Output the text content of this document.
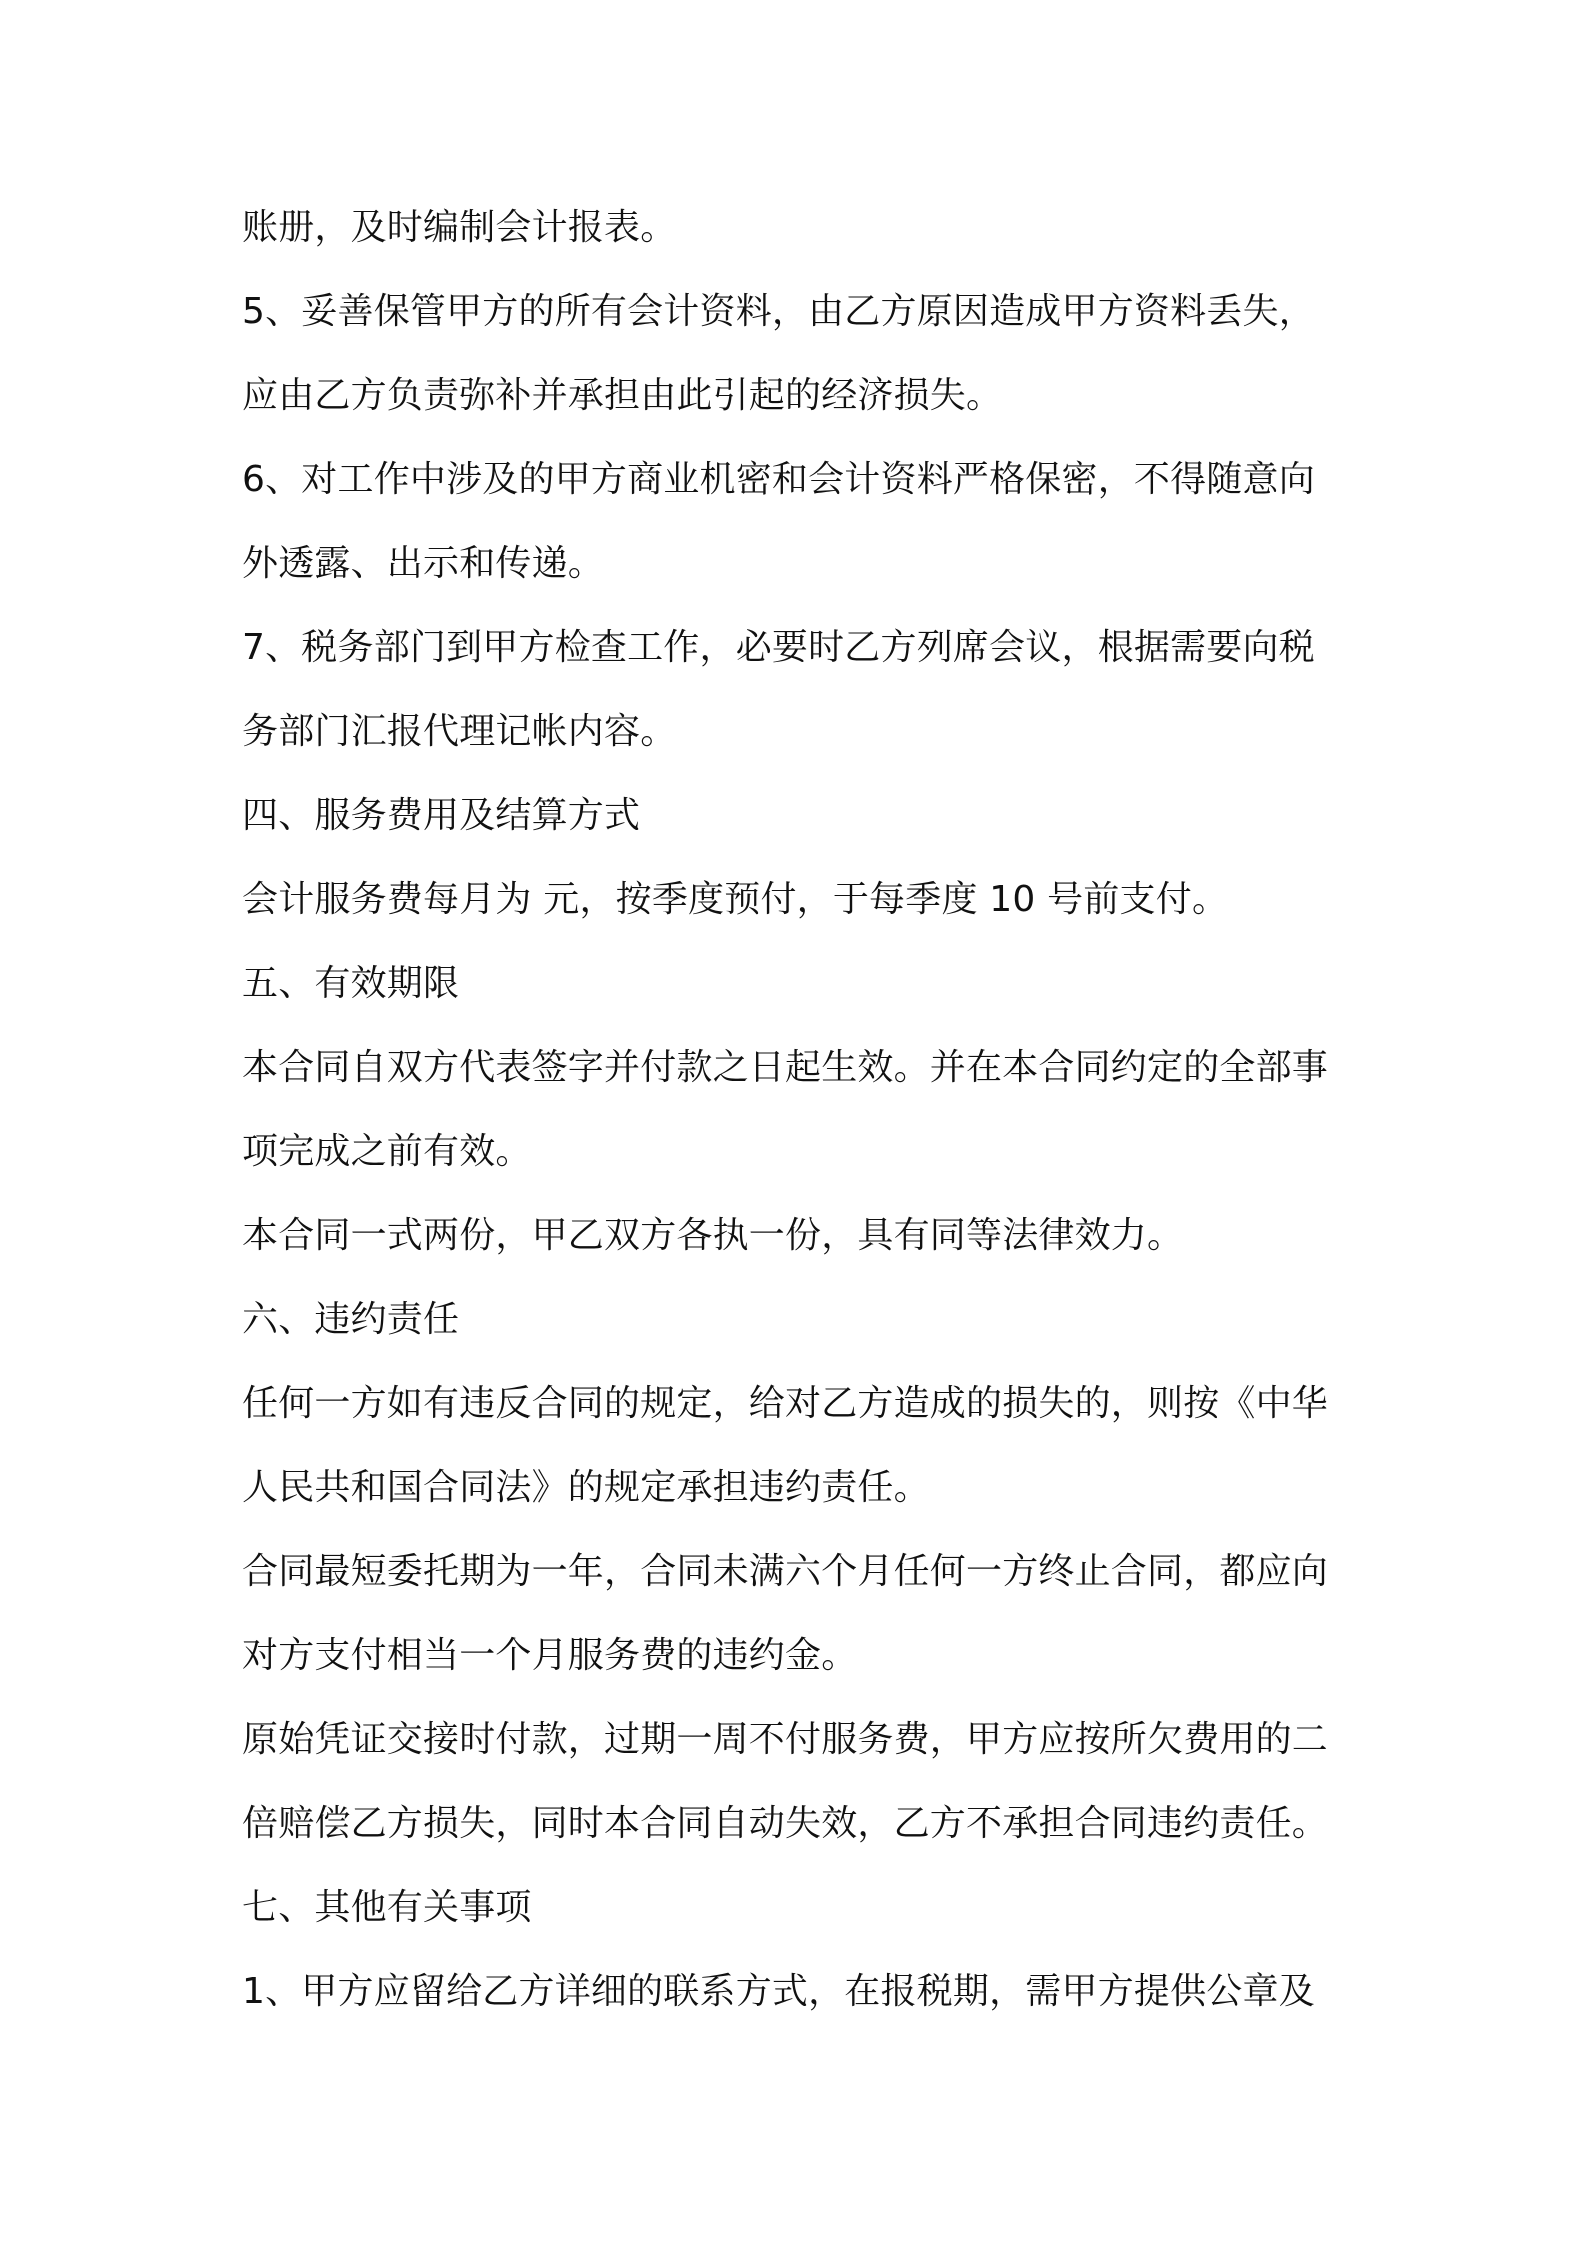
账册，及时编制会计报表。
5、妥善保管甲方的所有会计资料，由乙方原因造成甲方资料丢失，
应由乙方负责弥补并承担由此引起的经济损失。
6、对工作中涉及的甲方商业机密和会计资料严格保密，不得随意向
外透露、出示和传递。
7、税务部门到甲方检查工作，必要时乙方列席会议，根据需要向税
务部门汇报代理记帐内容。
四、服务费用及结算方式
会计服务费每月为 元，按季度预付，于每季度 10 号前支付。
五、有效期限
本合同自双方代表签字并付款之日起生效。并在本合同约定的全部事
项完成之前有效。
本合同一式两份，甲乙双方各执一份，具有同等法律效力。
六、违约责任
任何一方如有违反合同的规定，给对乙方造成的损失的，则按《中华
人民共和国合同法》的规定承担违约责任。
合同最短委托期为一年，合同未满六个月任何一方终止合同，都应向
对方支付相当一个月服务费的违约金。
原始凭证交接时付款，过期一周不付服务费，甲方应按所欠费用的二
倍赔偿乙方损失，同时本合同自动失效，乙方不承担合同违约责任。
七、其他有关事项
1、甲方应留给乙方详细的联系方式，在报税期，需甲方提供公章及
